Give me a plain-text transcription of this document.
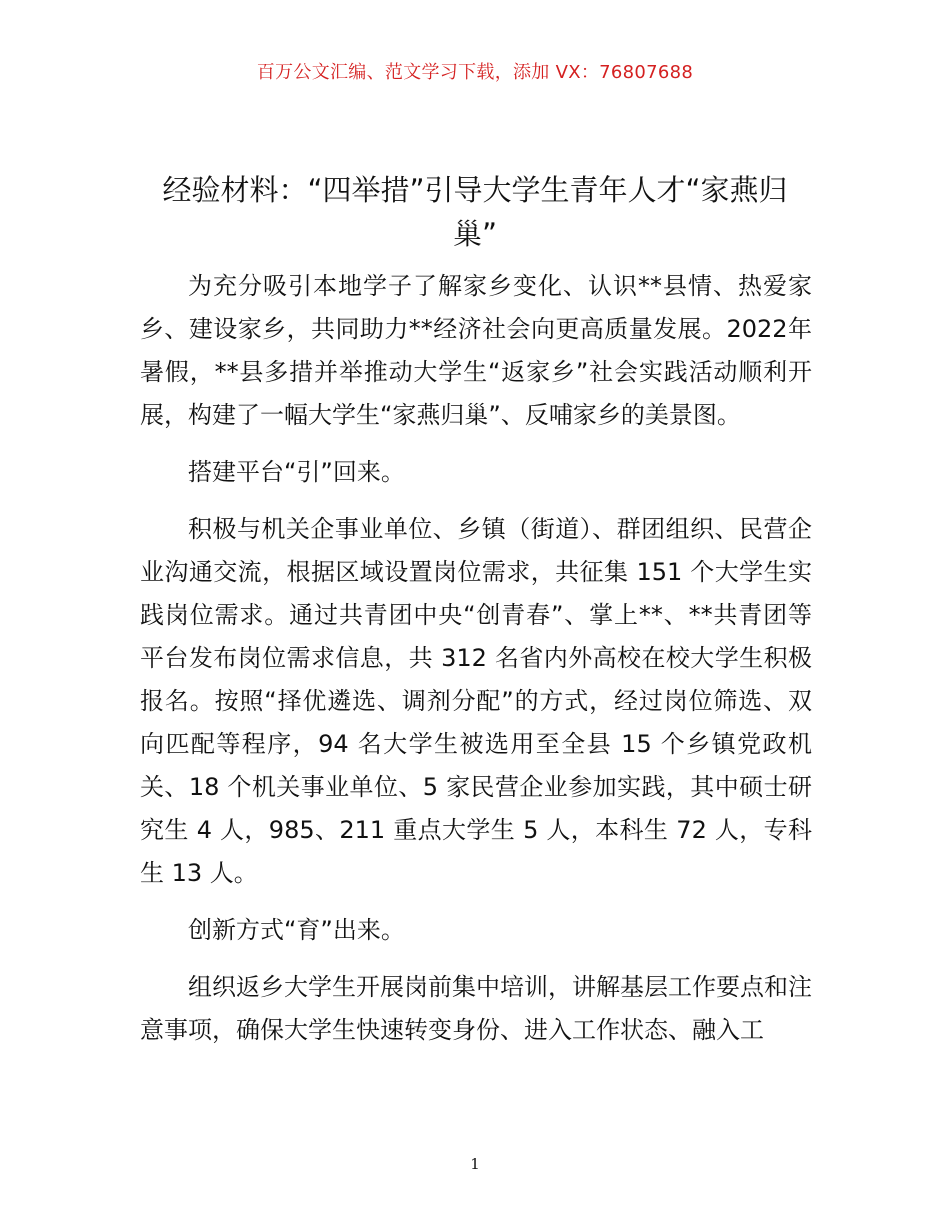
百万公文汇编、范文学习下载，添加 VX：76807688
经验材料：“四举措”引导大学生青年人才“家燕归巢”

为充分吸引本地学子了解家乡变化、认识**县情、热爱家乡、建设家乡，共同助力**经济社会向更高质量发展。2022年暑假，**县多措并举推动大学生“返家乡”社会实践活动顺利开展，构建了一幅大学生“家燕归巢”、反哺家乡的美景图。

搭建平台“引”回来。

积极与机关企事业单位、乡镇（街道）、群团组织、民营企业沟通交流，根据区域设置岗位需求，共征集 151 个大学生实践岗位需求。通过共青团中央“创青春”、掌上**、**共青团等平台发布岗位需求信息，共 312 名省内外高校在校大学生积极报名。按照“择优遴选、调剂分配”的方式，经过岗位筛选、双向匹配等程序，94 名大学生被选用至全县 15 个乡镇党政机关、18 个机关事业单位、5 家民营企业参加实践，其中硕士研究生 4 人，985、211 重点大学生 5 人，本科生 72 人，专科生 13 人。

创新方式“育”出来。

组织返乡大学生开展岗前集中培训，讲解基层工作要点和注意事项，确保大学生快速转变身份、进入工作状态、融入工

1
